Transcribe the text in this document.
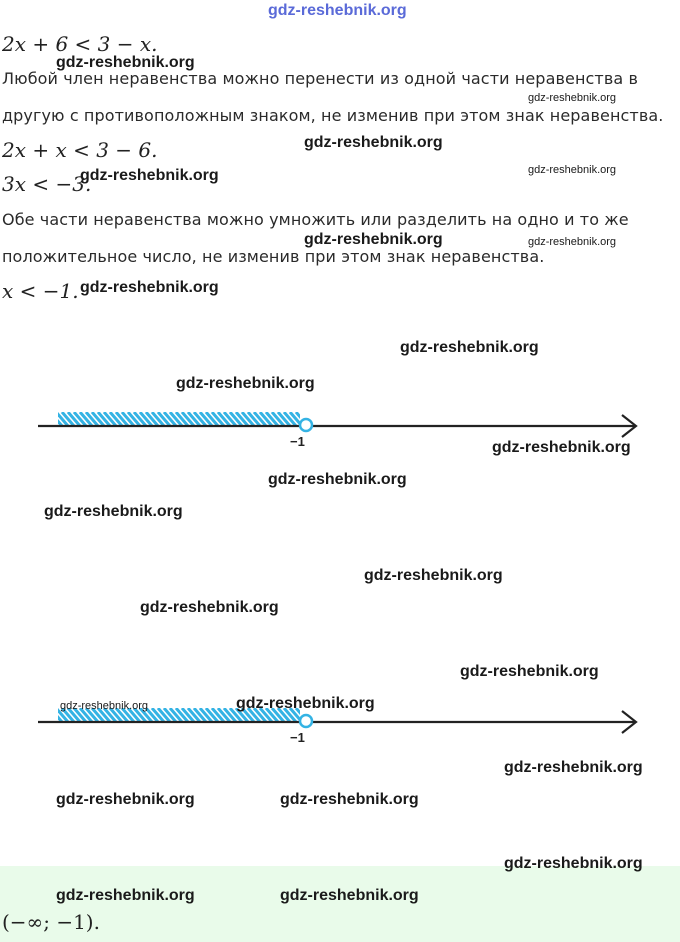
gdz-reshebnik.org
2x + 6 < 3 − x.
Любой член неравенства можно перенести из одной части неравенства в
другую с противоположным знаком, не изменив при этом знак неравенства.
2x + x < 3 − 6.
3x < −3.
Обе части неравенства можно умножить или разделить на одно и то же
положительное число, не изменив при этом знак неравенства.
x < −1.
−1
−1
(−∞; −1).
gdz-reshebnik.org
gdz-reshebnik.org
gdz-reshebnik.org
gdz-reshebnik.org	gdz-reshebnik.org
gdz-reshebnik.org	gdz-reshebnik.org
gdz-reshebnik.org
gdz-reshebnik.org
gdz-reshebnik.org
gdz-reshebnik.org
gdz-reshebnik.org
gdz-reshebnik.org
gdz-reshebnik.org
gdz-reshebnik.org
gdz-reshebnik.org
gdz-reshebnik.org	gdz-reshebnik.org
gdz-reshebnik.org
gdz-reshebnik.org	gdz-reshebnik.org
gdz-reshebnik.org
gdz-reshebnik.org	gdz-reshebnik.org
